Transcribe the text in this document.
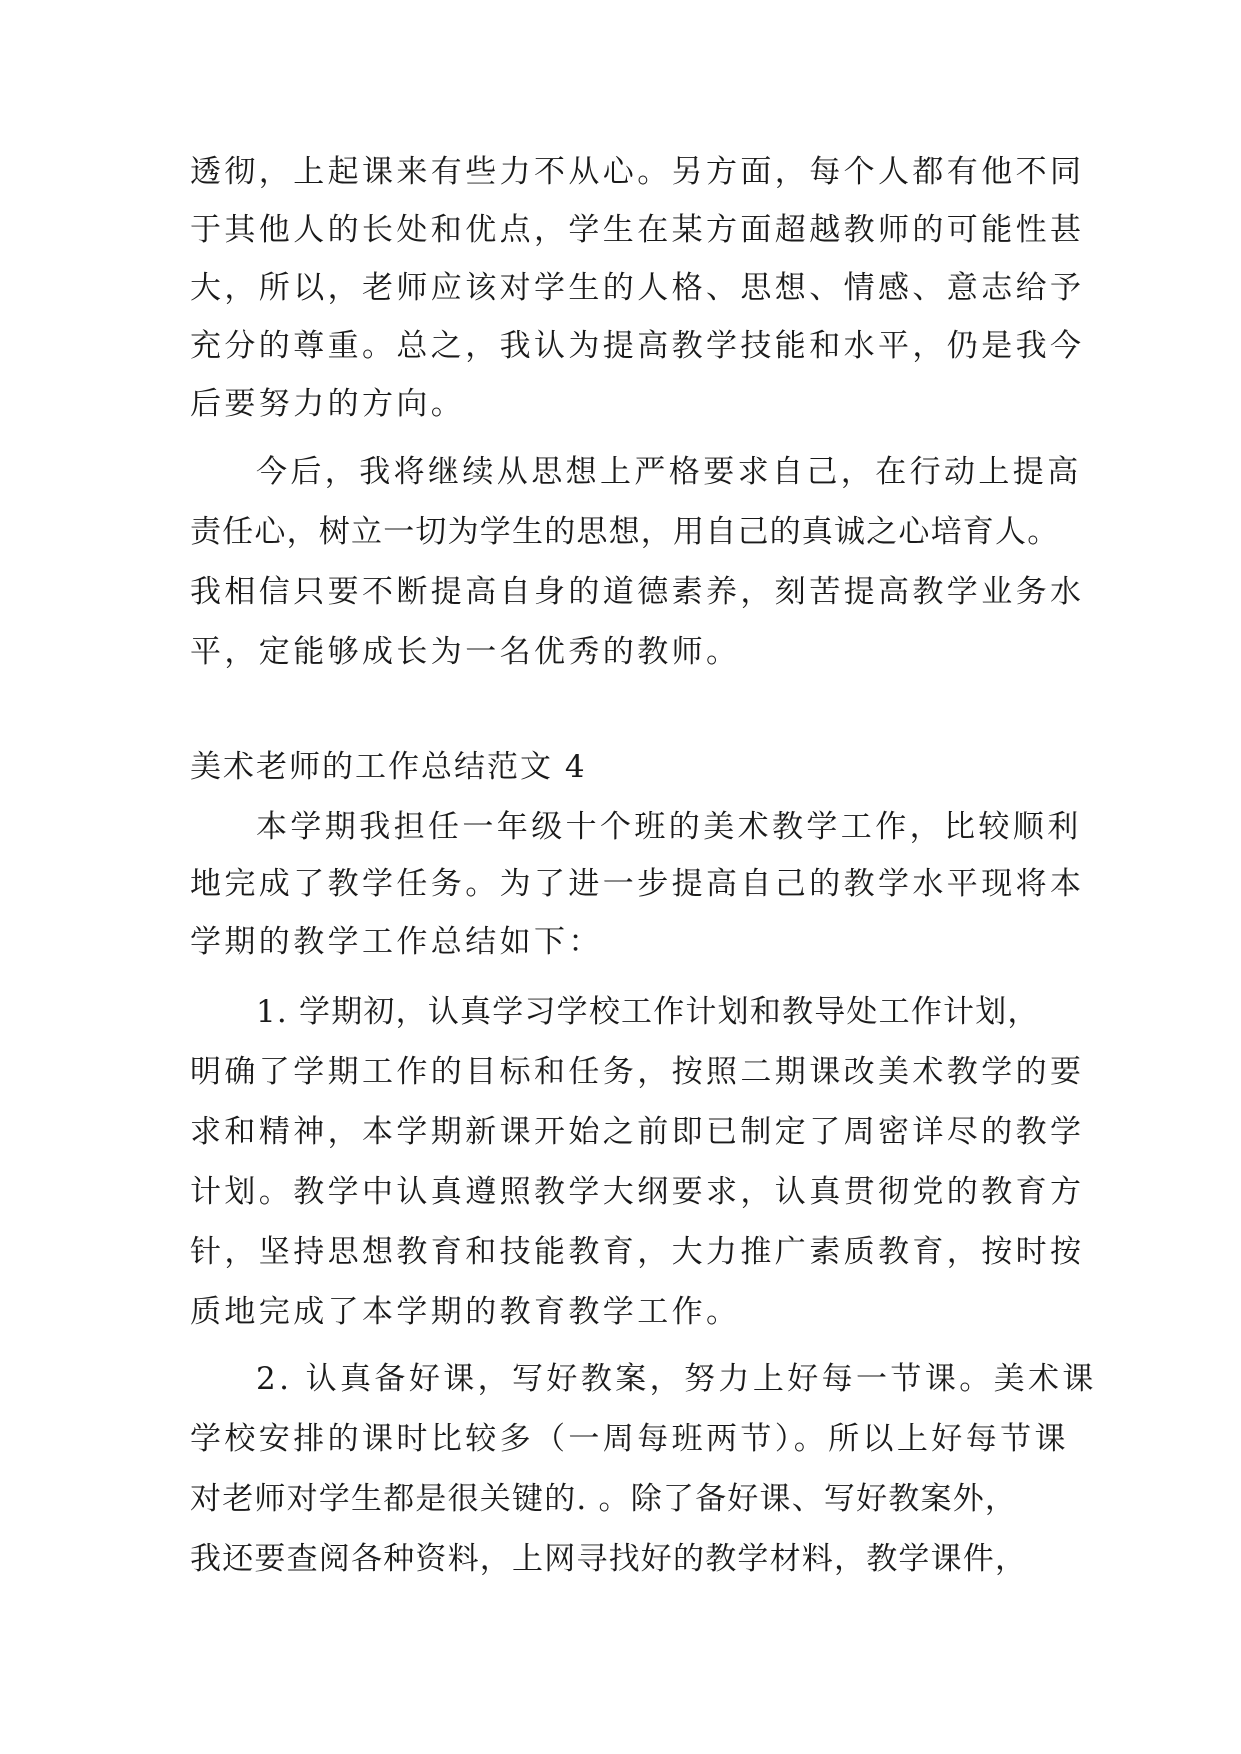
透彻，上起课来有些力不从心。另方面，每个人都有他不同
于其他人的长处和优点，学生在某方面超越教师的可能性甚
大，所以，老师应该对学生的人格、思想、情感、意志给予
充分的尊重。总之，我认为提高教学技能和水平，仍是我今
后要努力的方向。
今后，我将继续从思想上严格要求自己，在行动上提高
责任心，树立一切为学生的思想，用自己的真诚之心培育人。
我相信只要不断提高自身的道德素养，刻苦提高教学业务水
平，定能够成长为一名优秀的教师。
美术老师的工作总结范文 4
本学期我担任一年级十个班的美术教学工作，比较顺利
地完成了教学任务。为了进一步提高自己的教学水平现将本
学期的教学工作总结如下：
1. 学期初，认真学习学校工作计划和教导处工作计划，
明确了学期工作的目标和任务，按照二期课改美术教学的要
求和精神，本学期新课开始之前即已制定了周密详尽的教学
计划。教学中认真遵照教学大纲要求，认真贯彻党的教育方
针，坚持思想教育和技能教育，大力推广素质教育，按时按
质地完成了本学期的教育教学工作。
2. 认真备好课，写好教案，努力上好每一节课。美术课
学校安排的课时比较多（一周每班两节）。所以上好每节课
对老师对学生都是很关键的. 。除了备好课、写好教案外，
我还要查阅各种资料，上网寻找好的教学材料，教学课件，
